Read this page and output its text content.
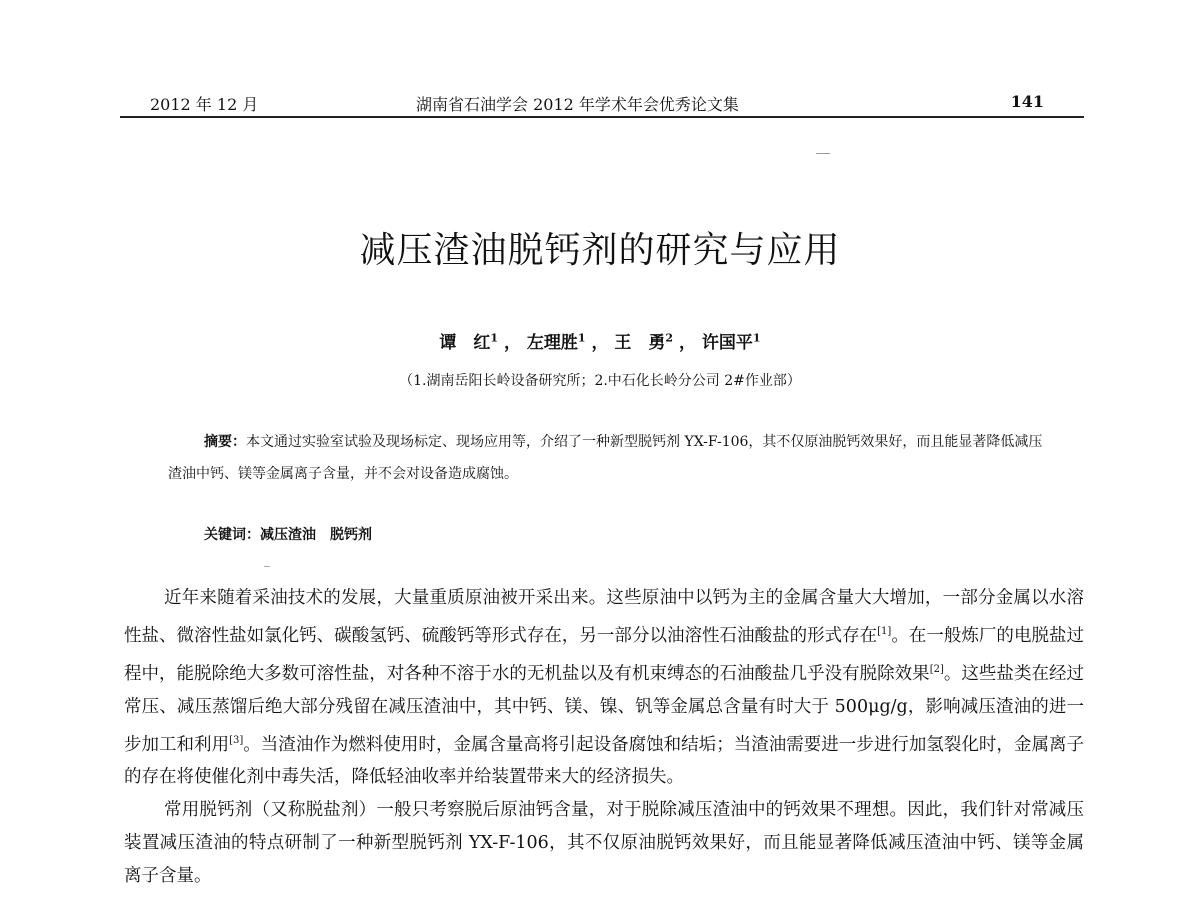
2012 年 12 月	湖南省石油学会 2012 年学术年会优秀论文集	141
减压渣油脱钙剂的研究与应用
谭　红$^1$ ， 左理胜$^1$ ， 王　勇$^2$ ， 许国平$^1$
（1.湖南岳阳长岭设备研究所；2.中石化长岭分公司 2#作业部）
摘要：本文通过实验室试验及现场标定、现场应用等，介绍了一种新型脱钙剂 YX-F-106，其不仅原油脱钙效果好，而且能显著降低减压渣油中钙、镁等金属离子含量，并不会对设备造成腐蚀。
关键词：减压渣油　脱钙剂

近年来随着采油技术的发展，大量重质原油被开采出来。这些原油中以钙为主的金属含量大大增加，一部分金属以水溶性盐、微溶性盐如氯化钙、碳酸氢钙、硫酸钙等形式存在，另一部分以油溶性石油酸盐的形式存在[1]。在一般炼厂的电脱盐过程中，能脱除绝大多数可溶性盐，对各种不溶于水的无机盐以及有机束缚态的石油酸盐几乎没有脱除效果[2]。这些盐类在经过常压、减压蒸馏后绝大部分残留在减压渣油中，其中钙、镁、镍、钒等金属总含量有时大于 500μg/g，影响减压渣油的进一步加工和利用[3]。当渣油作为燃料使用时，金属含量高将引起设备腐蚀和结垢；当渣油需要进一步进行加氢裂化时，金属离子的存在将使催化剂中毒失活，降低轻油收率并给装置带来大的经济损失。

常用脱钙剂（又称脱盐剂）一般只考察脱后原油钙含量，对于脱除减压渣油中的钙效果不理想。因此，我们针对常减压装置减压渣油的特点研制了一种新型脱钙剂 YX-F-106，其不仅原油脱钙效果好，而且能显著降低减压渣油中钙、镁等金属离子含量。
